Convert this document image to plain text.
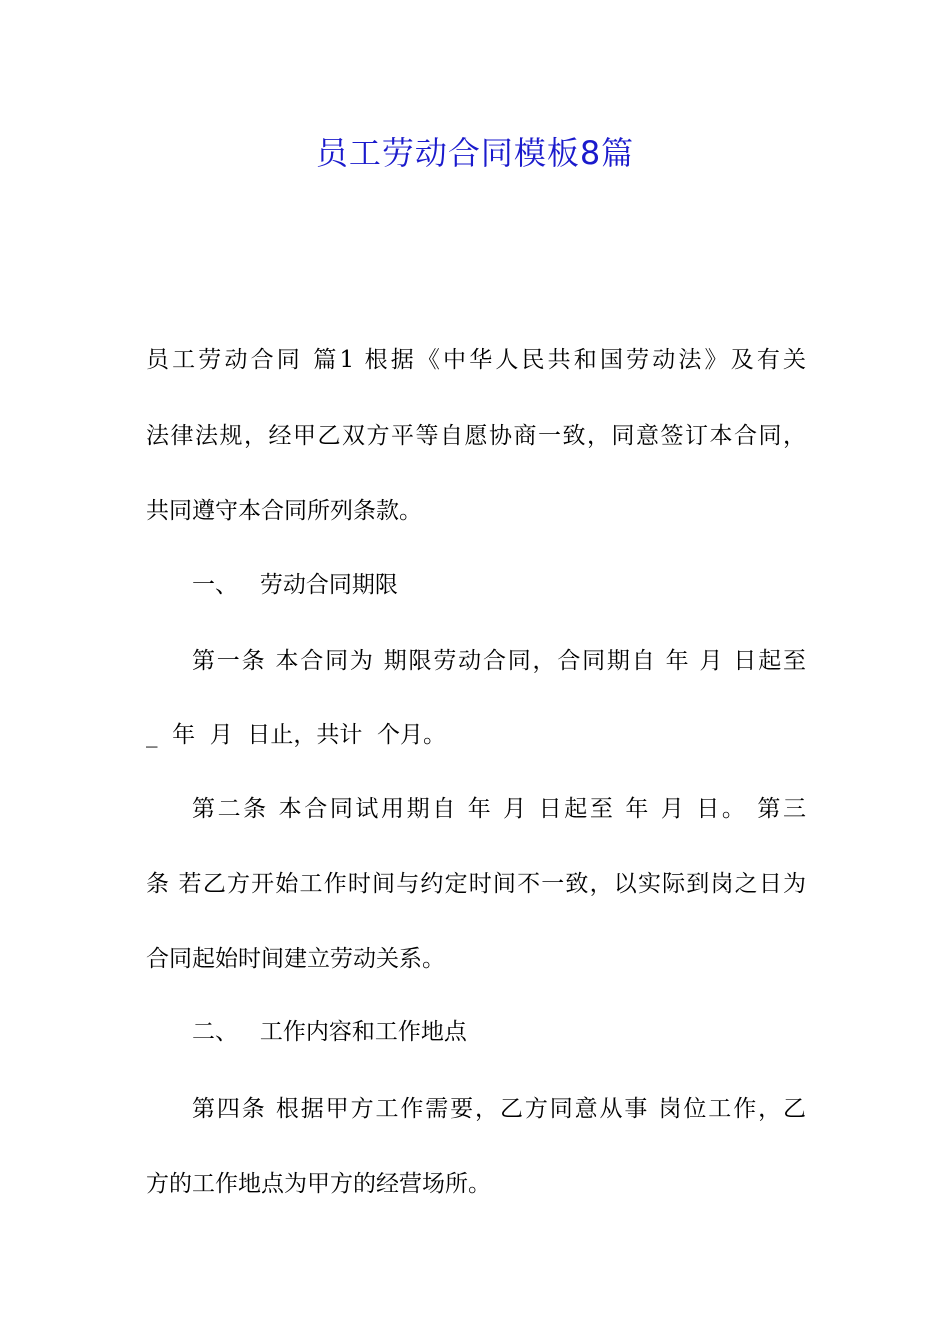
员工劳动合同模板8篇
员工劳动合同 篇1 根据《中华人民共和国劳动法》及有关
法律法规，经甲乙双方平等自愿协商一致，同意签订本合同，
共同遵守本合同所列条款。
一、   劳动合同期限
第一条 本合同为 期限劳动合同，合同期自 年 月 日起至
_  年  月  日止，共计  个月。
第二条 本合同试用期自 年 月 日起至 年 月 日。 第三
条 若乙方开始工作时间与约定时间不一致，以实际到岗之日为
合同起始时间建立劳动关系。
二、   工作内容和工作地点
第四条 根据甲方工作需要，乙方同意从事 岗位工作，乙
方的工作地点为甲方的经营场所。
